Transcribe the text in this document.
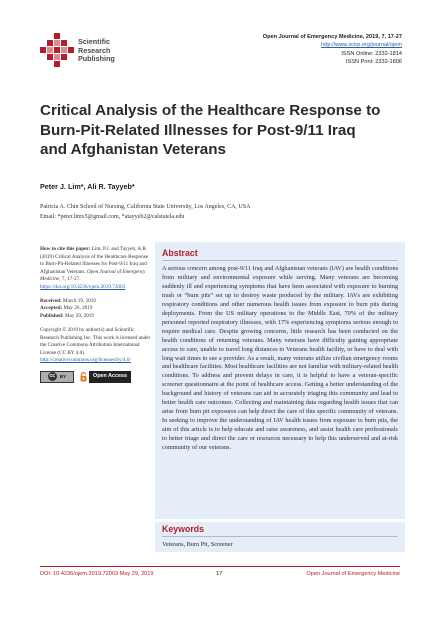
Scientific
Research
Publishing
Open Journal of Emergency Medicine, 2019, 7, 17-27
http://www.scirp.org/journal/ojem
ISSN Online: 2332-1814
ISSN Print: 2332-1806
Critical Analysis of the Healthcare Response to
Burn-Pit-Related Illnesses for Post-9/11 Iraq
and Afghanistan Veterans
Peter J. Lim*, Ali R. Tayyeb*
Patricia A. Chin School of Nursing, California State University, Los Angeles, CA, USA
Email: *peter.limx5@gmail.com, *atayyeb2@calstatela.edu
How to cite this paper: Lim, P.J. and Tayyeb, A.R. (2019) Critical Analysis of the Healthcare Response to Burn-Pit-Related Illnesses for Post-9/11 Iraq and Afghanistan Veterans. Open Journal of Emergency Medicine, 7, 17-27. https://doi.org/10.4236/ojem.2019.72003
Received: March 19, 2019
Accepted: May 26, 2019
Published: May 29, 2019
Copyright © 2019 by author(s) and Scientific Research Publishing Inc. This work is licensed under the Creative Commons Attribution International License (CC BY 4.0). http://creativecommons.org/licenses/by/4.0/
cc	BY	Open Access
Abstract
A serious concern among post-9/11 Iraq and Afghanistan veterans (IAV) are health conditions from military and environmental exposure while serving. Many veterans are becoming suddenly ill and experiencing symptoms that have been associated with exposure to burning trash or “burn pits” set up to destroy waste produced by the military. IAVs are exhibiting respiratory conditions and other numerous health issues from exposure to burn pits during deployments. From the US military operations to the Middle East, 70% of the military personnel reported respiratory illnesses, with 17% experiencing symptoms serious enough to require medical care. Despite growing concerns, little research has been conducted on the health conditions of returning veterans. Many veterans have difficulty gaining appropriate access to care, unable to travel long distances to Veterans health facility, or have to deal with long wait times to see a provider. As a result, many veterans utilize civilian emergency rooms and healthcare facilities. Most healthcare facilities are not familiar with military-related health conditions. To address and prevent delays in care, it is helpful to have a veteran-specific screener questionnaire at the point of healthcare access. Getting a better understanding of the background and history of veterans can aid in accurately triaging this community and lead to better health care outcomes. Collecting and maintaining data regarding health issues that can arise from burn pit exposures can help direct the care of this specific community of veterans. In seeking to improve the understanding of IAV health issues from exposure to burn pits, the aim of this article is to help educate and raise awareness, and assist health care professionals to better triage and direct the care or resources necessary to help this underserved and at-risk community of our veterans.
Keywords
Veterans, Burn Pit, Screener
DOI: 10.4236/ojem.2019.72003 May 29, 2019	17	Open Journal of Emergency Medicine
